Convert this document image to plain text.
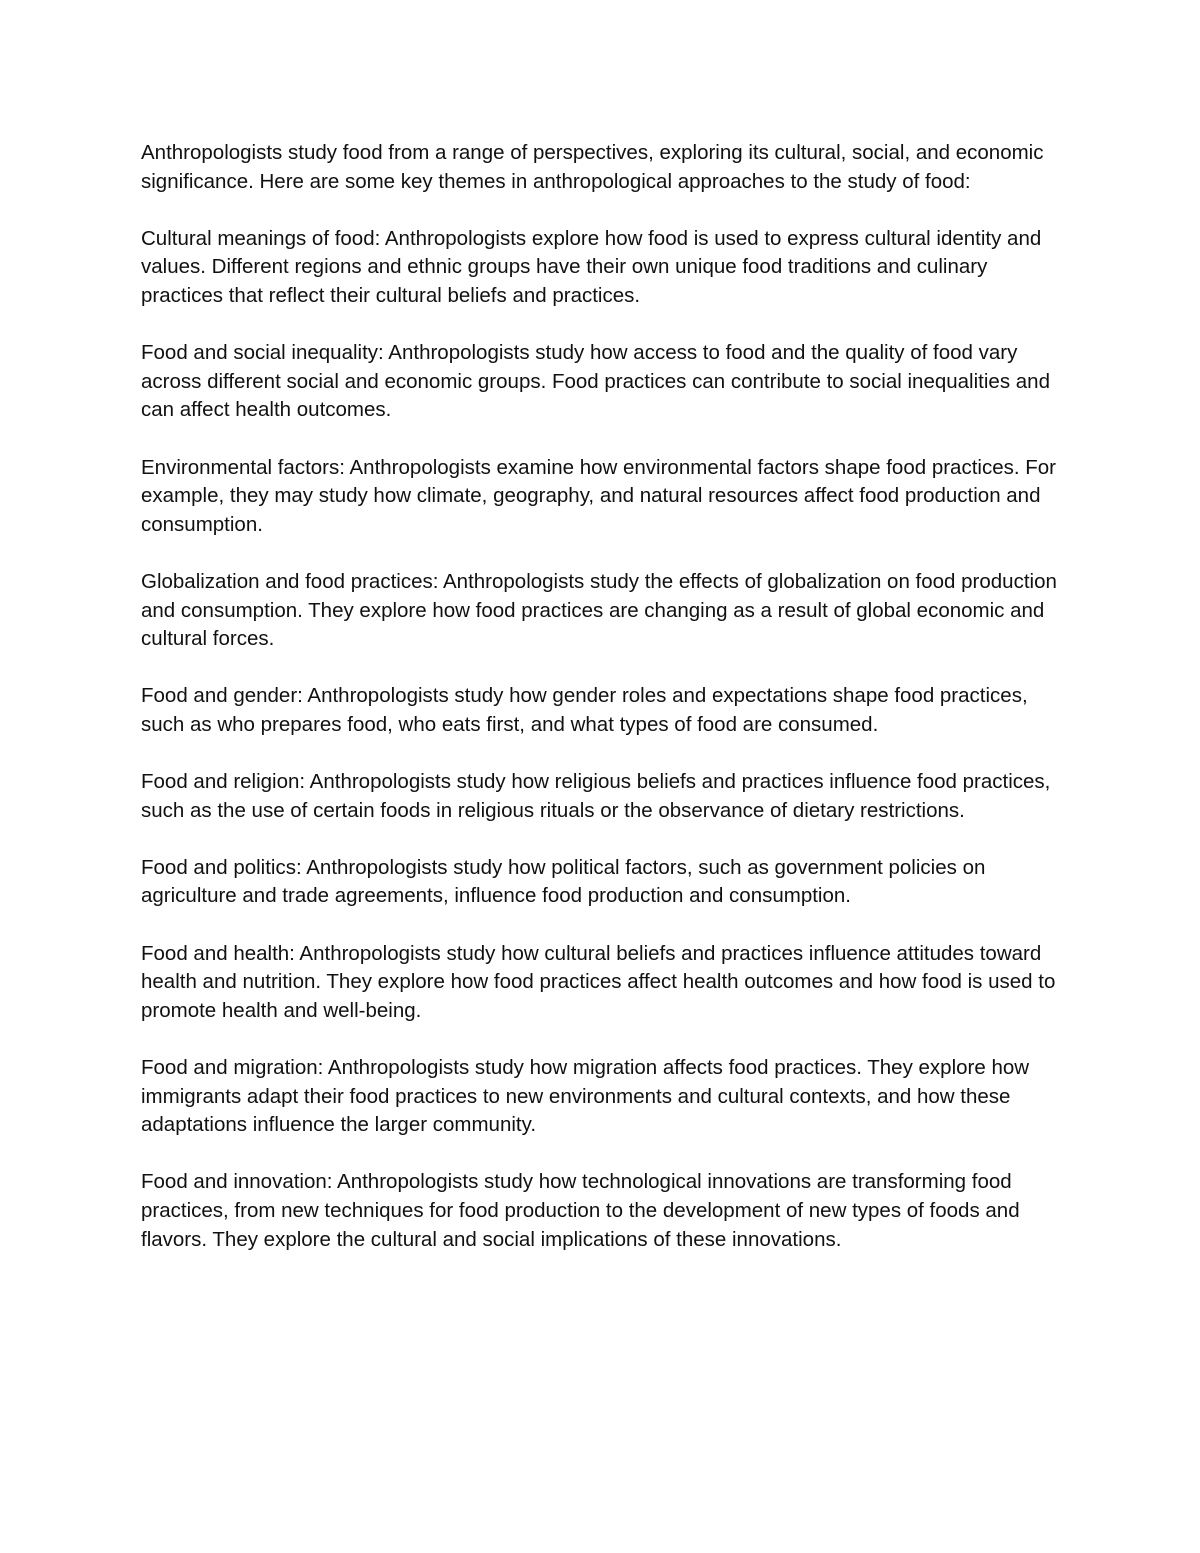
Anthropologists study food from a range of perspectives, exploring its cultural, social, and economic significance. Here are some key themes in anthropological approaches to the study of food:

Cultural meanings of food: Anthropologists explore how food is used to express cultural identity and values. Different regions and ethnic groups have their own unique food traditions and culinary practices that reflect their cultural beliefs and practices.

Food and social inequality: Anthropologists study how access to food and the quality of food vary across different social and economic groups. Food practices can contribute to social inequalities and can affect health outcomes.

Environmental factors: Anthropologists examine how environmental factors shape food practices. For example, they may study how climate, geography, and natural resources affect food production and consumption.

Globalization and food practices: Anthropologists study the effects of globalization on food production and consumption. They explore how food practices are changing as a result of global economic and cultural forces.

Food and gender: Anthropologists study how gender roles and expectations shape food practices, such as who prepares food, who eats first, and what types of food are consumed.

Food and religion: Anthropologists study how religious beliefs and practices influence food practices, such as the use of certain foods in religious rituals or the observance of dietary restrictions.

Food and politics: Anthropologists study how political factors, such as government policies on agriculture and trade agreements, influence food production and consumption.

Food and health: Anthropologists study how cultural beliefs and practices influence attitudes toward health and nutrition. They explore how food practices affect health outcomes and how food is used to promote health and well-being.

Food and migration: Anthropologists study how migration affects food practices. They explore how immigrants adapt their food practices to new environments and cultural contexts, and how these adaptations influence the larger community.

Food and innovation: Anthropologists study how technological innovations are transforming food practices, from new techniques for food production to the development of new types of foods and flavors. They explore the cultural and social implications of these innovations.
